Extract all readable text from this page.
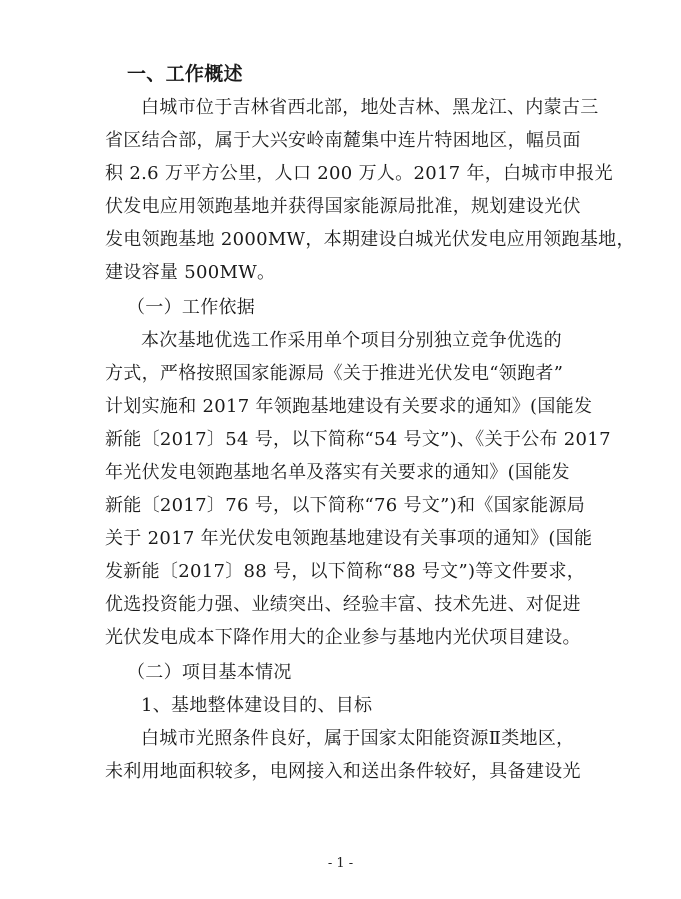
一、工作概述
白城市位于吉林省西北部，地处吉林、黑龙江、内蒙古三
省区结合部，属于大兴安岭南麓集中连片特困地区，幅员面
积 2.6 万平方公里，人口 200 万人。2017 年，白城市申报光
伏发电应用领跑基地并获得国家能源局批准，规划建设光伏
发电领跑基地 2000MW，本期建设白城光伏发电应用领跑基地，
建设容量 500MW。
（一）工作依据
本次基地优选工作采用单个项目分别独立竞争优选的
方式，严格按照国家能源局《关于推进光伏发电“领跑者”
计划实施和 2017 年领跑基地建设有关要求的通知》(国能发
新能〔2017〕54 号，以下简称“54 号文”)、《关于公布 2017
年光伏发电领跑基地名单及落实有关要求的通知》(国能发
新能〔2017〕76 号，以下简称“76 号文”)和《国家能源局
关于 2017 年光伏发电领跑基地建设有关事项的通知》(国能
发新能〔2017〕88 号，以下简称“88 号文”)等文件要求，
优选投资能力强、业绩突出、经验丰富、技术先进、对促进
光伏发电成本下降作用大的企业参与基地内光伏项目建设。
（二）项目基本情况
1、基地整体建设目的、目标
白城市光照条件良好，属于国家太阳能资源Ⅱ类地区，
未利用地面积较多，电网接入和送出条件较好，具备建设光
- 1 -
